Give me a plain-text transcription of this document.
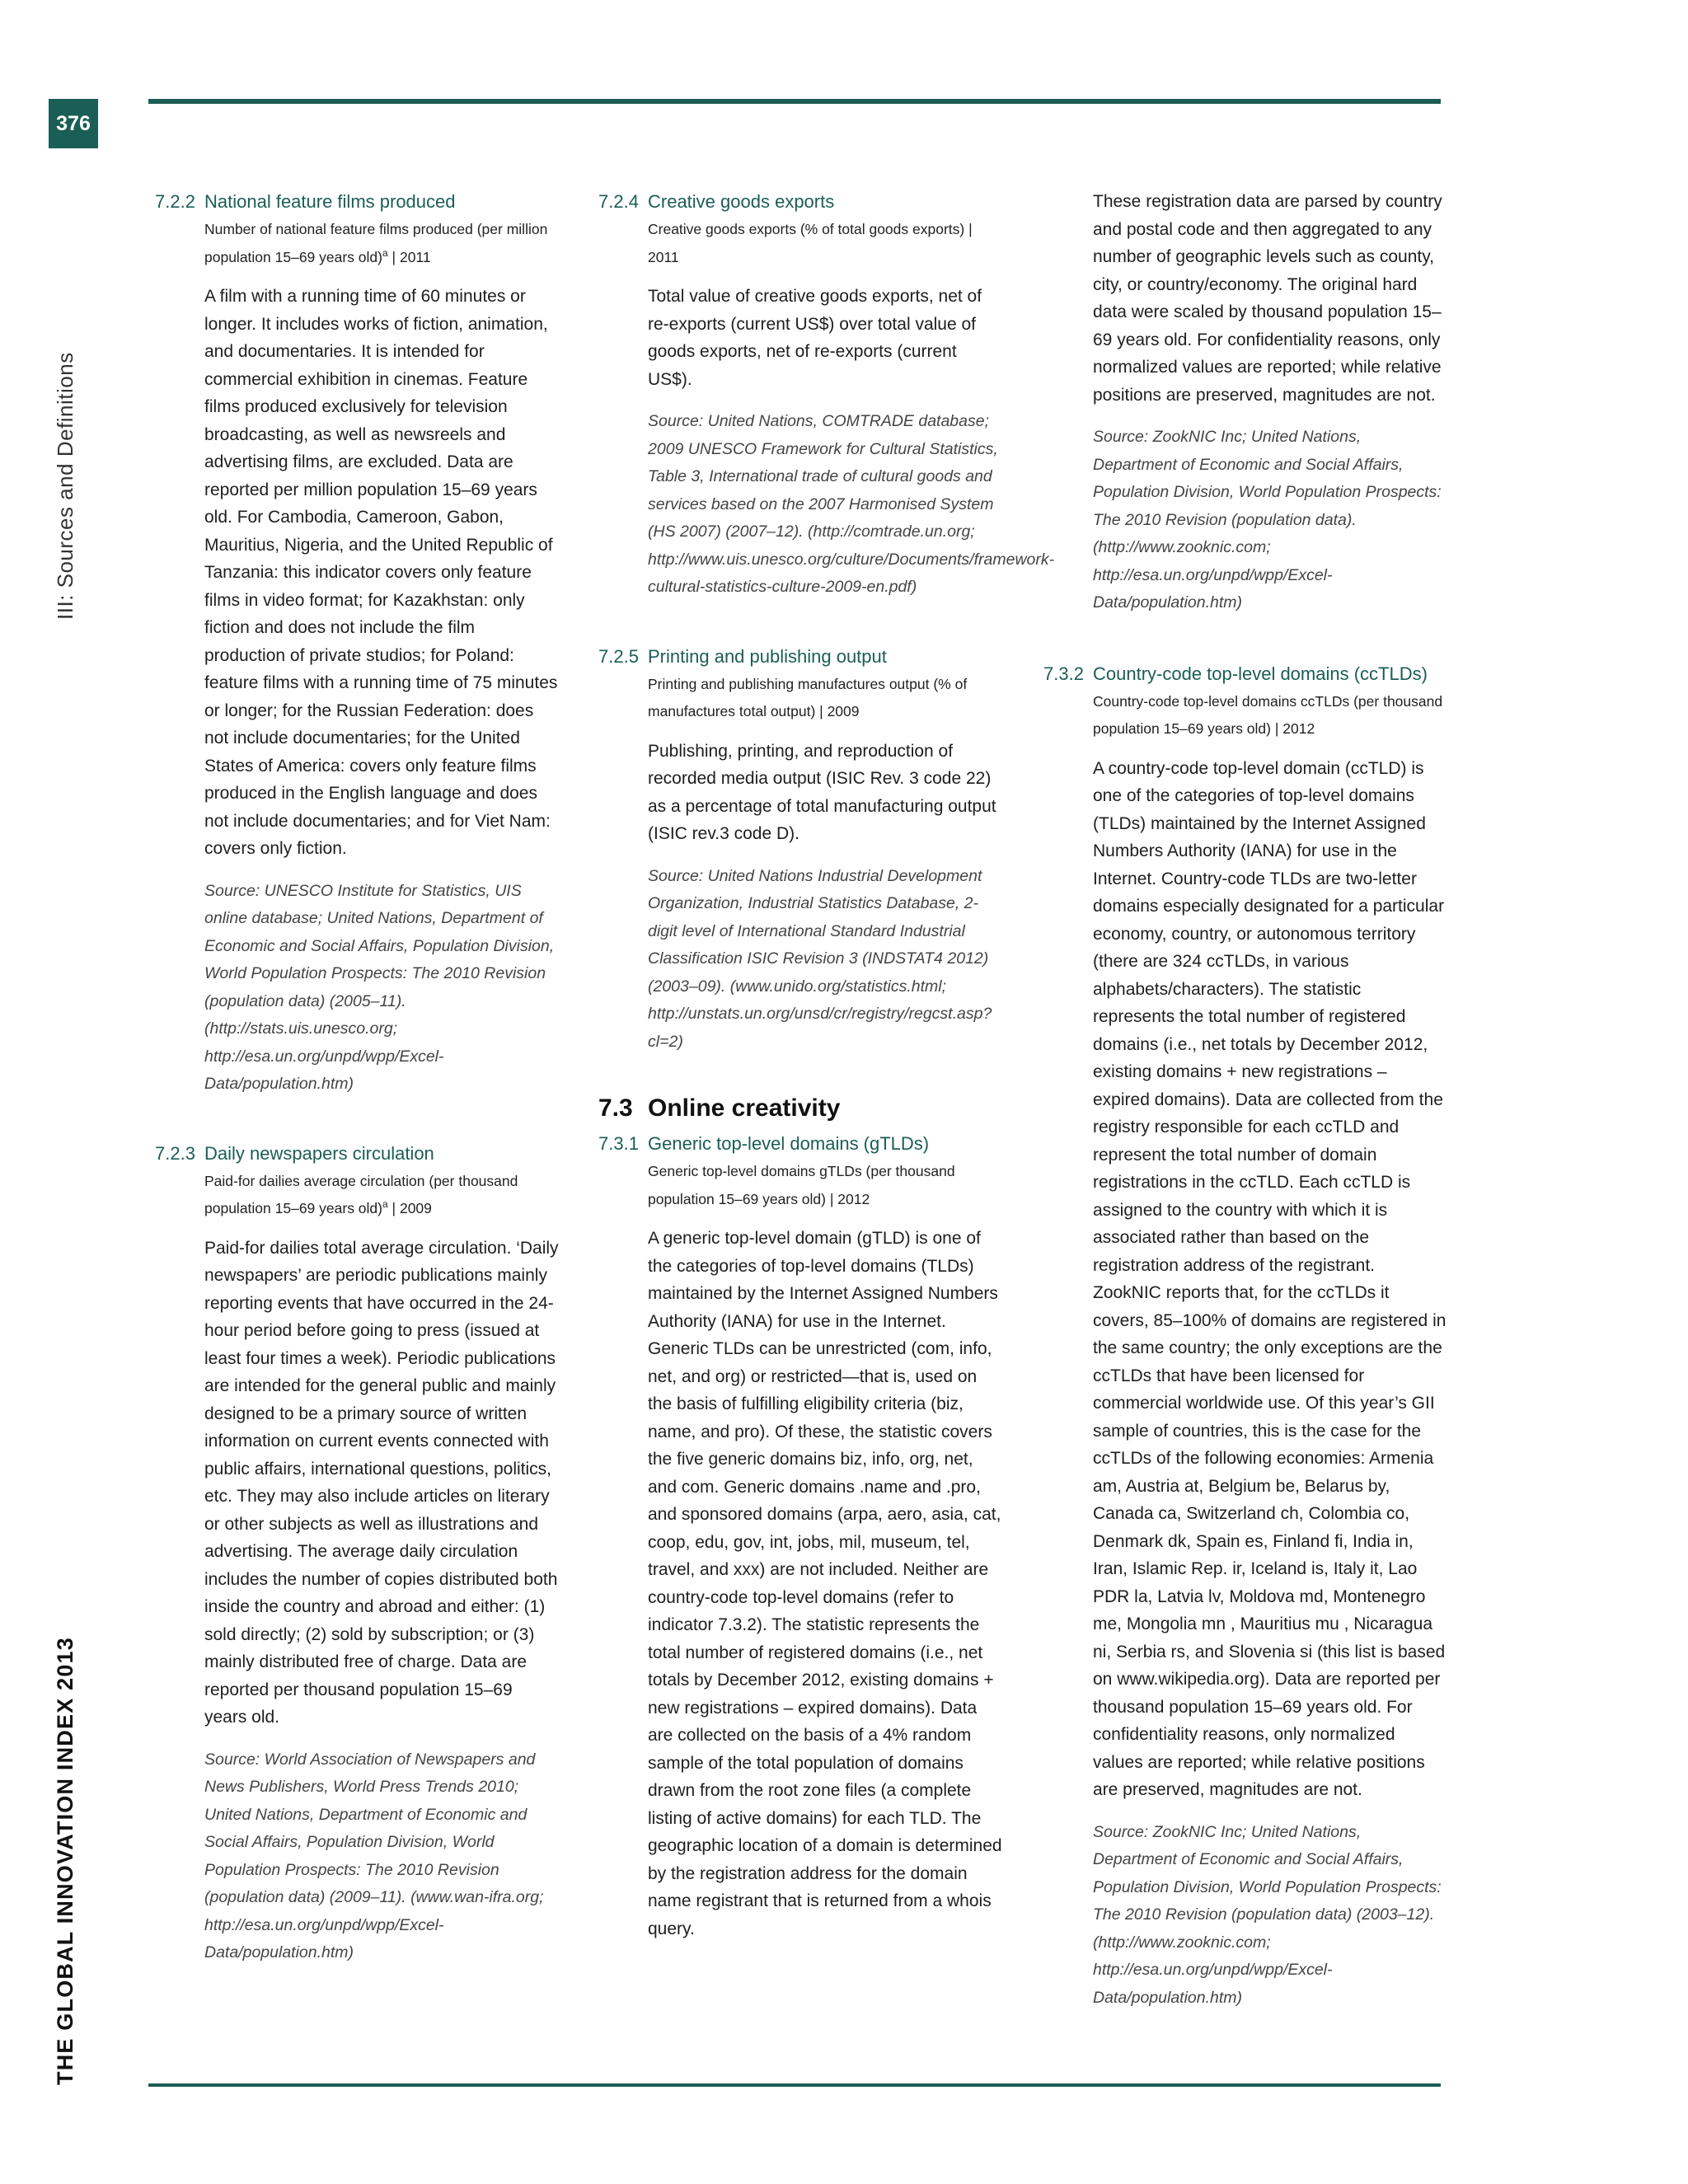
376
III: Sources and Definitions
THE GLOBAL INNOVATION INDEX 2013
7.2.2 National feature films produced
Number of national feature films produced (per million population 15–69 years old)$^a$ | 2011
A film with a running time of 60 minutes or longer. It includes works of fiction, animation, and documentaries. It is intended for commercial exhibition in cinemas. Feature films produced exclusively for television broadcasting, as well as newsreels and advertising films, are excluded. Data are reported per million population 15–69 years old. For Cambodia, Cameroon, Gabon, Mauritius, Nigeria, and the United Republic of Tanzania: this indicator covers only feature films in video format; for Kazakhstan: only fiction and does not include the film production of private studios; for Poland: feature films with a running time of 75 minutes or longer; for the Russian Federation: does not include documentaries; for the United States of America: covers only feature films produced in the English language and does not include documentaries; and for Viet Nam: covers only fiction.
Source: UNESCO Institute for Statistics, UIS online database; United Nations, Department of Economic and Social Affairs, Population Division, World Population Prospects: The 2010 Revision (population data) (2005–11). (http://stats.uis.unesco.org; http://esa.un.org/unpd/wpp/Excel-Data/population.htm)
7.2.3 Daily newspapers circulation
Paid-for dailies average circulation (per thousand population 15–69 years old)$^a$ | 2009
Paid-for dailies total average circulation. ‘Daily newspapers’ are periodic publications mainly reporting events that have occurred in the 24-hour period before going to press (issued at least four times a week). Periodic publications are intended for the general public and mainly designed to be a primary source of written information on current events connected with public affairs, international questions, politics, etc. They may also include articles on literary or other subjects as well as illustrations and advertising. The average daily circulation includes the number of copies distributed both inside the country and abroad and either: (1) sold directly; (2) sold by subscription; or (3) mainly distributed free of charge. Data are reported per thousand population 15–69 years old.
Source: World Association of Newspapers and News Publishers, World Press Trends 2010; United Nations, Department of Economic and Social Affairs, Population Division, World Population Prospects: The 2010 Revision (population data) (2009–11). (www.wan-ifra.org; http://esa.un.org/unpd/wpp/Excel-Data/population.htm)
7.2.4 Creative goods exports
Creative goods exports (% of total goods exports) | 2011
Total value of creative goods exports, net of re-exports (current US$) over total value of goods exports, net of re-exports (current US$).
Source: United Nations, COMTRADE database; 2009 UNESCO Framework for Cultural Statistics, Table 3, International trade of cultural goods and services based on the 2007 Harmonised System (HS 2007) (2007–12). (http://comtrade.un.org; http://www.uis.unesco.org/culture/Documents/framework-cultural-statistics-culture-2009-en.pdf)
7.2.5 Printing and publishing output
Printing and publishing manufactures output (% of manufactures total output) | 2009
Publishing, printing, and reproduction of recorded media output (ISIC Rev. 3 code 22) as a percentage of total manufacturing output (ISIC rev.3 code D).
Source: United Nations Industrial Development Organization, Industrial Statistics Database, 2-digit level of International Standard Industrial Classification ISIC Revision 3 (INDSTAT4 2012) (2003–09). (www.unido.org/statistics.html; http://unstats.un.org/unsd/cr/registry/regcst.asp?cl=2)
7.3 Online creativity
7.3.1 Generic top-level domains (gTLDs)
Generic top-level domains gTLDs (per thousand population 15–69 years old) | 2012
A generic top-level domain (gTLD) is one of the categories of top-level domains (TLDs) maintained by the Internet Assigned Numbers Authority (IANA) for use in the Internet. Generic TLDs can be unrestricted (com, info, net, and org) or restricted—that is, used on the basis of fulfilling eligibility criteria (biz, name, and pro). Of these, the statistic covers the five generic domains biz, info, org, net, and com. Generic domains .name and .pro, and sponsored domains (arpa, aero, asia, cat, coop, edu, gov, int, jobs, mil, museum, tel, travel, and xxx) are not included. Neither are country-code top-level domains (refer to indicator 7.3.2). The statistic represents the total number of registered domains (i.e., net totals by December 2012, existing domains + new registrations – expired domains). Data are collected on the basis of a 4% random sample of the total population of domains drawn from the root zone files (a complete listing of active domains) for each TLD. The geographic location of a domain is determined by the registration address for the domain name registrant that is returned from a whois query.
These registration data are parsed by country and postal code and then aggregated to any number of geographic levels such as county, city, or country/economy. The original hard data were scaled by thousand population 15–69 years old. For confidentiality reasons, only normalized values are reported; while relative positions are preserved, magnitudes are not.
Source: ZookNIC Inc; United Nations, Department of Economic and Social Affairs, Population Division, World Population Prospects: The 2010 Revision (population data). (http://www.zooknic.com; http://esa.un.org/unpd/wpp/Excel-Data/population.htm)
7.3.2 Country-code top-level domains (ccTLDs)
Country-code top-level domains ccTLDs (per thousand population 15–69 years old) | 2012
A country-code top-level domain (ccTLD) is one of the categories of top-level domains (TLDs) maintained by the Internet Assigned Numbers Authority (IANA) for use in the Internet. Country-code TLDs are two-letter domains especially designated for a particular economy, country, or autonomous territory (there are 324 ccTLDs, in various alphabets/characters). The statistic represents the total number of registered domains (i.e., net totals by December 2012, existing domains + new registrations – expired domains). Data are collected from the registry responsible for each ccTLD and represent the total number of domain registrations in the ccTLD. Each ccTLD is assigned to the country with which it is associated rather than based on the registration address of the registrant. ZookNIC reports that, for the ccTLDs it covers, 85–100% of domains are registered in the same country; the only exceptions are the ccTLDs that have been licensed for commercial worldwide use. Of this year’s GII sample of countries, this is the case for the ccTLDs of the following economies: Armenia am, Austria at, Belgium be, Belarus by, Canada ca, Switzerland ch, Colombia co, Denmark dk, Spain es, Finland fi, India in, Iran, Islamic Rep. ir, Iceland is, Italy it, Lao PDR la, Latvia lv, Moldova md, Montenegro me, Mongolia mn , Mauritius mu , Nicaragua ni, Serbia rs, and Slovenia si (this list is based on www.wikipedia.org). Data are reported per thousand population 15–69 years old. For confidentiality reasons, only normalized values are reported; while relative positions are preserved, magnitudes are not.
Source: ZookNIC Inc; United Nations, Department of Economic and Social Affairs, Population Division, World Population Prospects: The 2010 Revision (population data) (2003–12). (http://www.zooknic.com; http://esa.un.org/unpd/wpp/Excel-Data/population.htm)
